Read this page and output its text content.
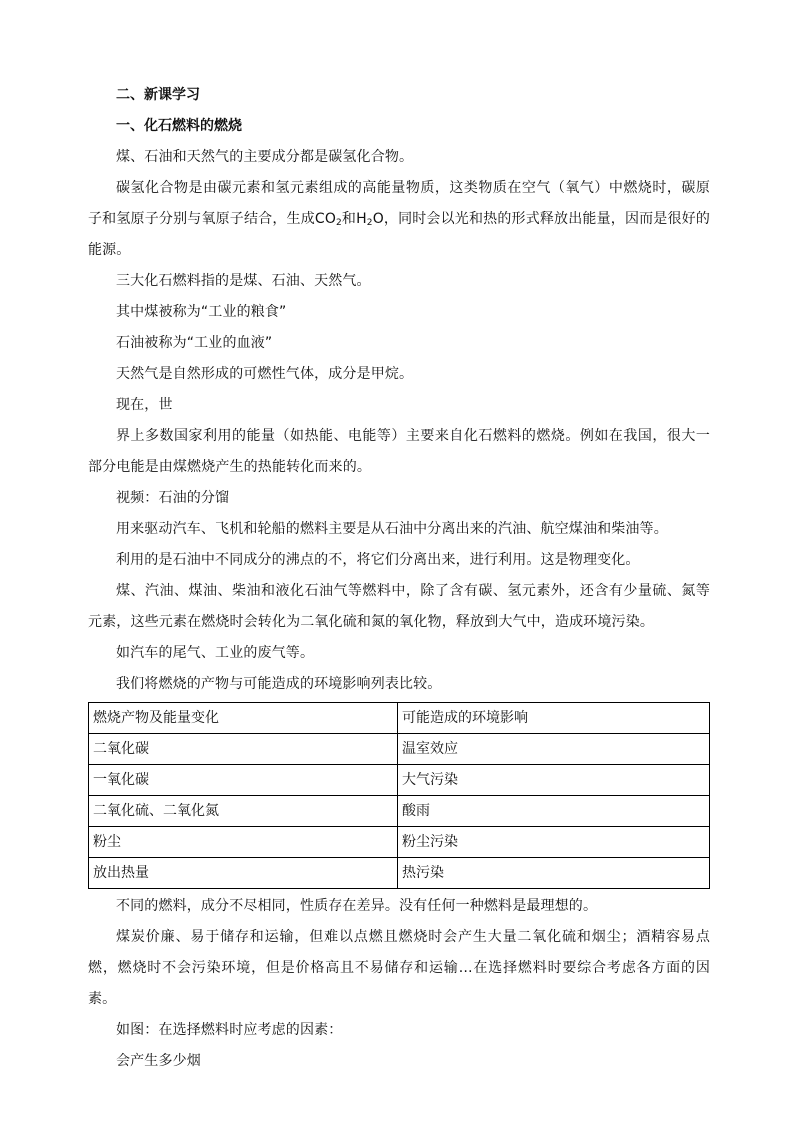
二、新课学习

一、化石燃料的燃烧

煤、石油和天然气的主要成分都是碳氢化合物。

碳氢化合物是由碳元素和氢元素组成的高能量物质，这类物质在空气（氧气）中燃烧时，碳原子和氢原子分别与氧原子结合，生成$CO_2$和$H_2O$，同时会以光和热的形式释放出能量，因而是很好的能源。

三大化石燃料指的是煤、石油、天然气。

其中煤被称为“工业的粮食”

石油被称为“工业的血液”

天然气是自然形成的可燃性气体，成分是甲烷。

现在，世

界上多数国家利用的能量（如热能、电能等）主要来自化石燃料的燃烧。例如在我国，很大一部分电能是由煤燃烧产生的热能转化而来的。

视频：石油的分馏

用来驱动汽车、飞机和轮船的燃料主要是从石油中分离出来的汽油、航空煤油和柴油等。

利用的是石油中不同成分的沸点的不，将它们分离出来，进行利用。这是物理变化。

煤、汽油、煤油、柴油和液化石油气等燃料中，除了含有碳、氢元素外，还含有少量硫、氮等元素，这些元素在燃烧时会转化为二氧化硫和氮的氧化物，释放到大气中，造成环境污染。

如汽车的尾气、工业的废气等。

我们将燃烧的产物与可能造成的环境影响列表比较。

燃烧产物及能量变化	可能造成的环境影响
二氧化碳	温室效应
一氧化碳	大气污染
二氧化硫、二氧化氮	酸雨
粉尘	粉尘污染
放出热量	热污染

不同的燃料，成分不尽相同，性质存在差异。没有任何一种燃料是最理想的。

煤炭价廉、易于储存和运输，但难以点燃且燃烧时会产生大量二氧化硫和烟尘；酒精容易点燃，燃烧时不会污染环境，但是价格高且不易储存和运输…在选择燃料时要综合考虑各方面的因素。

如图：在选择燃料时应考虑的因素：

会产生多少烟
